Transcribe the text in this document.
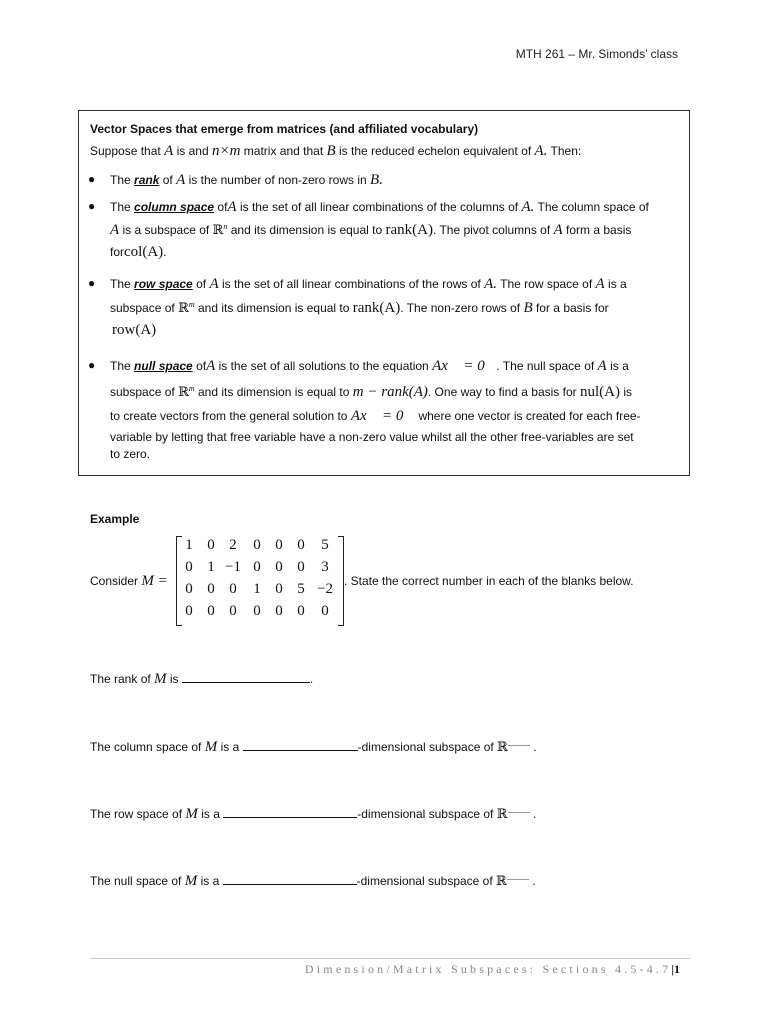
MTH 261 – Mr. Simonds’ class
Vector Spaces that emerge from matrices (and affiliated vocabulary)
Suppose that A is and n×m matrix and that B is the reduced echelon equivalent of A. Then:
● The rank of A is the number of non-zero rows in B.
● The column space ofA is the set of all linear combinations of the columns of A. The column space of
A is a subspace of ℝ$^n$ and its dimension is equal to rank(A). The pivot columns of A form a basis
forcol(A).
● The row space of A is the set of all linear combinations of the rows of A. The row space of A is a
subspace of ℝ$^m$ and its dimension is equal to rank(A). The non-zero rows of B for a basis for
row(A)
● The null space ofA is the set of all solutions to the equation Ax⃗ = 0⃗. The null space of A is a
subspace of ℝ$^m$ and its dimension is equal to m − rank(A). One way to find a basis for nul(A) is
to create vectors from the general solution to Ax⃗ = 0⃗ where one vector is created for each free-
variable by letting that free variable have a non-zero value whilst all the other free-variables are set
to zero.
Example
Consider M =
1 0 2	0 0 0	5
0 1 −1 0 0 0	3
0 0 0	1 0 5 −2
0 0 0	0 0 0	0
. State the correct number in each of the blanks below.
The rank of M is	.
The column space of M is a	-dimensional subspace of ℝ .
The row space of M is a	-dimensional subspace of ℝ .
The null space of M is a	-dimensional subspace of ℝ .
Dimension/Matrix Subspaces: Sections 4.5-4.7|1
